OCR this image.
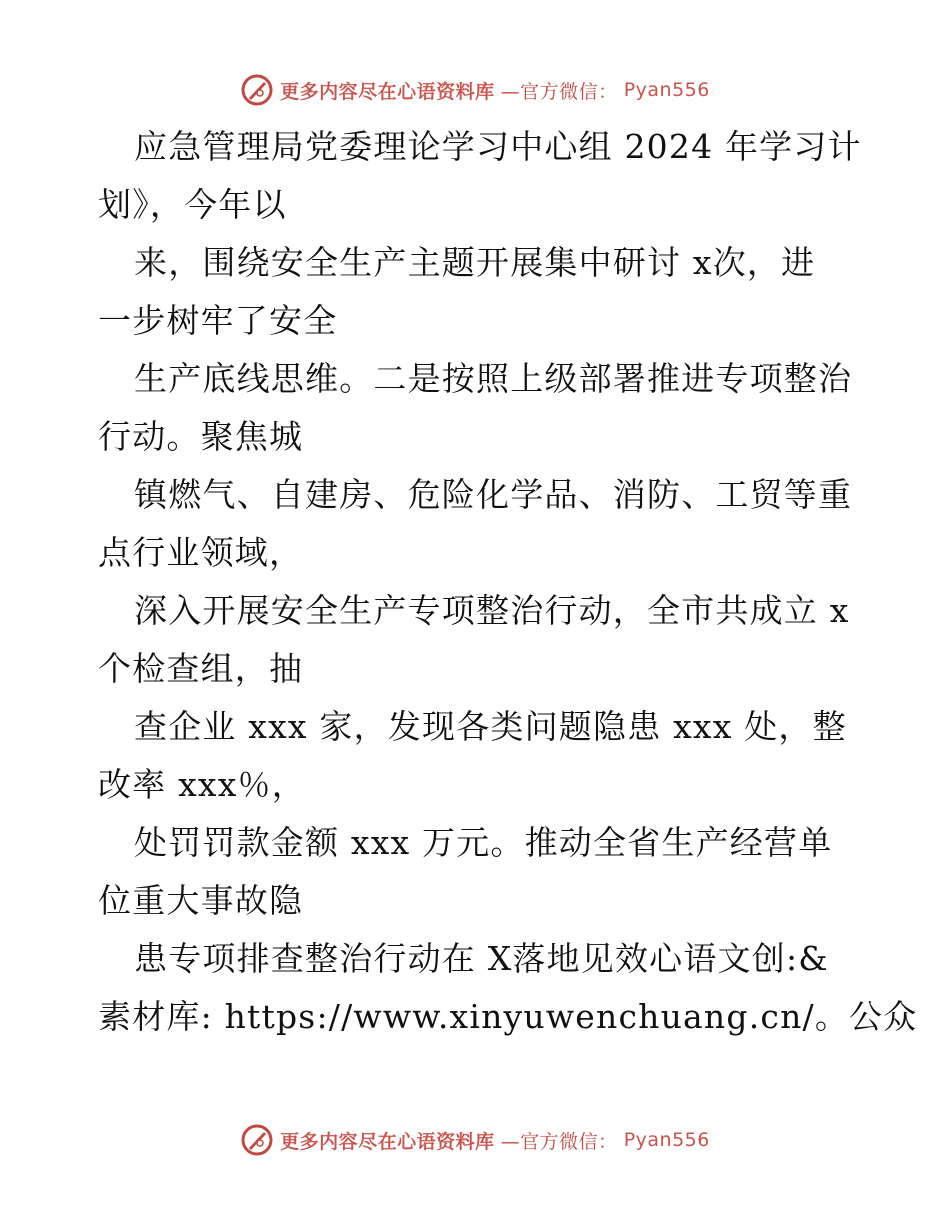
更多内容尽在心语资料库 —官方微信： Pyan556
应急管理局党委理论学习中心组 2024 年学习计
划》，今年以
来，围绕安全生产主题开展集中研讨 x次，进
一步树牢了安全
生产底线思维。二是按照上级部署推进专项整治
行动。聚焦城
镇燃气、自建房、危险化学品、消防、工贸等重
点行业领域，
深入开展安全生产专项整治行动，全市共成立 x
个检查组，抽
查企业 xxx 家，发现各类问题隐患 xxx 处，整
改率 xxx％，
处罚罚款金额 xxx 万元。推动全省生产经营单
位重大事故隐
患专项排查整治行动在 X落地见效心语文创:&
素材库: https://www.xinyuwenchuang.cn/。公众
更多内容尽在心语资料库 —官方微信： Pyan556
